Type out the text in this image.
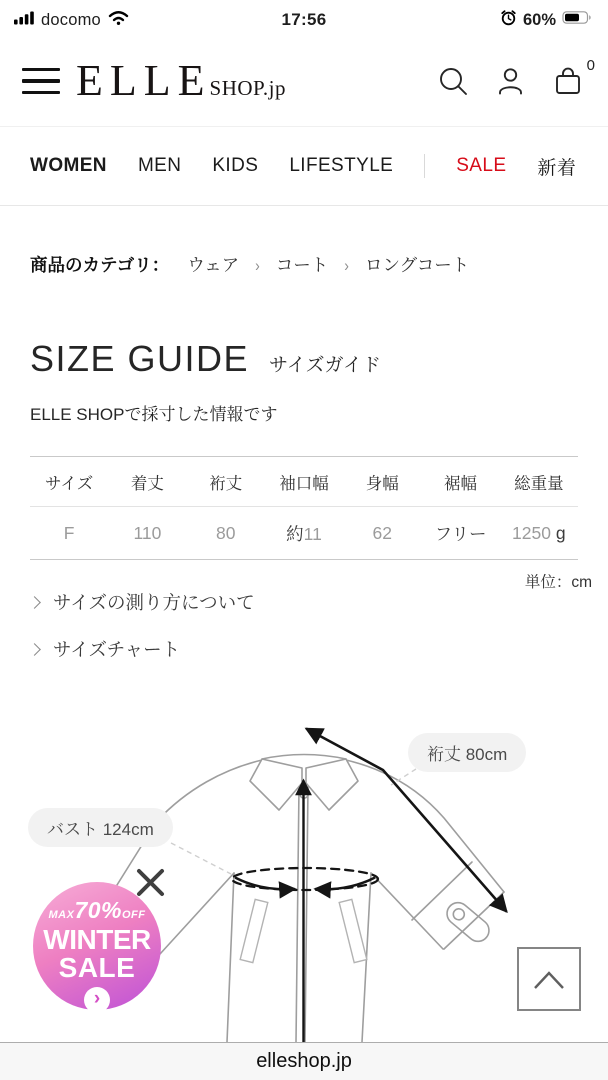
docomo	17:56	60%
ELLE
SHOP.jp
0
WOMEN MEN KIDS LIFESTYLE	SALE 新着
商品のカテゴリ： ウェア › コート › ロングコート
SIZE GUIDE サイズガイド
ELLE SHOPで採寸した情報です
サイズ	着丈	裄丈	袖口幅	身幅	裾幅	総重量
F	110	80	約11	62	フリー	1250 g
単位：cm
サイズの測り方について
サイズチャート
裄丈 80cm
バスト 124cm
MAX70%OFF
WINTER
SALE
›
elleshop.jp
